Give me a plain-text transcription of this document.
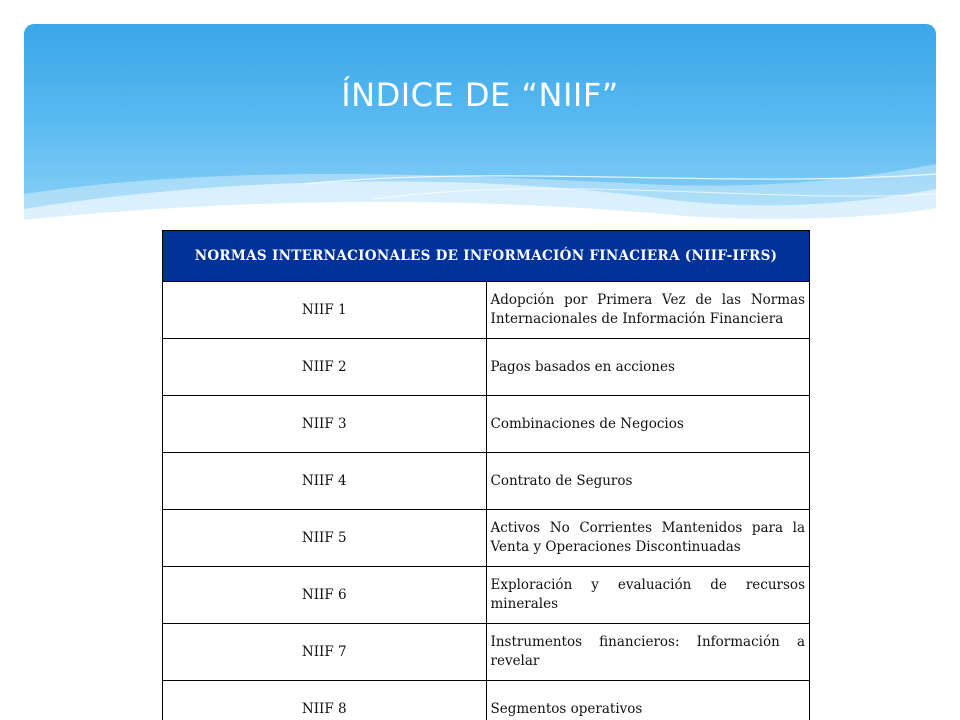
ÍNDICE DE “NIIF”
NORMAS INTERNACIONALES DE INFORMACIÓN FINACIERA (NIIF-IFRS)	
NIIF 1	Adopción por Primera Vez de las Normas Internacionales de Información Financiera
NIIF 2	Pagos basados en acciones
NIIF 3	Combinaciones de Negocios
NIIF 4	Contrato de Seguros
NIIF 5	Activos No Corrientes Mantenidos para la Venta y Operaciones Discontinuadas
NIIF 6	Exploración y evaluación de recursos minerales
NIIF 7	Instrumentos financieros: Información a revelar
NIIF 8	Segmentos operativos
